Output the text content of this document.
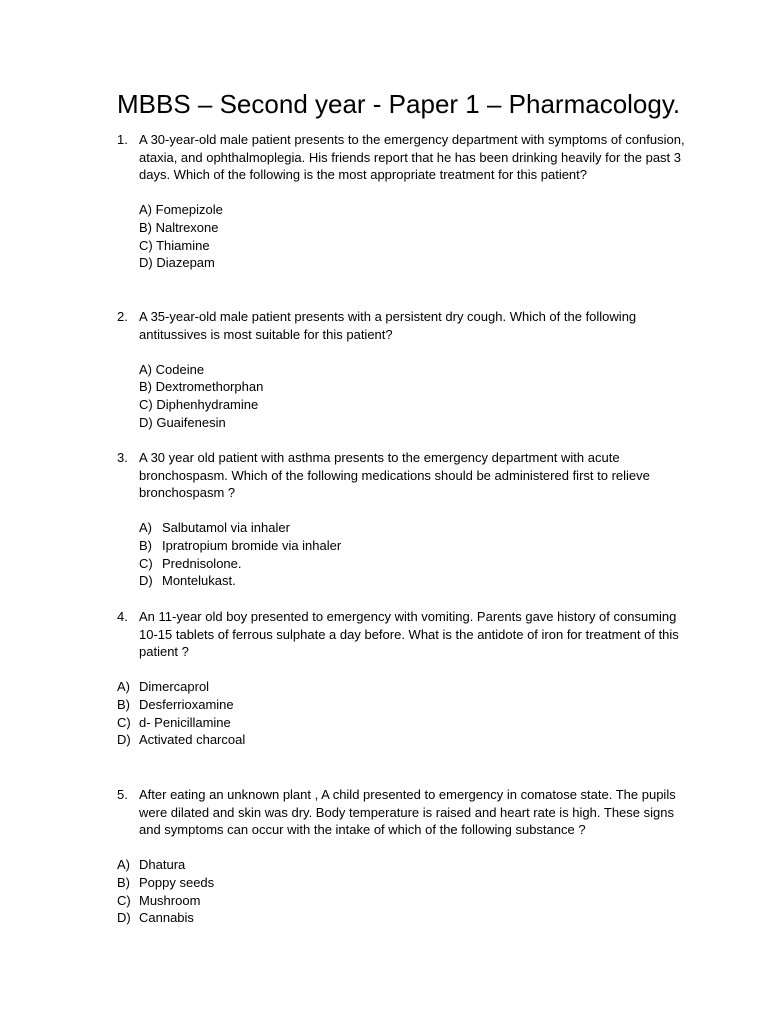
MBBS – Second year - Paper 1 – Pharmacology.
1. A 30-year-old male patient presents to the emergency department with symptoms of confusion, ataxia, and ophthalmoplegia. His friends report that he has been drinking heavily for the past 3 days. Which of the following is the most appropriate treatment for this patient?
A) Fomepizole
B) Naltrexone
C) Thiamine
D) Diazepam
2. A 35-year-old male patient presents with a persistent dry cough. Which of the following antitussives is most suitable for this patient?
A) Codeine
B) Dextromethorphan
C) Diphenhydramine
D) Guaifenesin
3. A 30 year old patient with asthma presents to the emergency department with acute bronchospasm. Which of the following medications should be administered first to relieve bronchospasm ?
A) Salbutamol via inhaler
B) Ipratropium bromide via inhaler
C) Prednisolone.
D) Montelukast.
4. An 11-year old boy presented to emergency with vomiting. Parents gave history of consuming 10-15 tablets of ferrous sulphate a day before. What is the antidote of iron for treatment of this patient ?
A) Dimercaprol
B) Desferrioxamine
C) d- Penicillamine
D) Activated charcoal
5. After eating an unknown plant , A child presented to emergency in comatose state. The pupils were dilated and skin was dry. Body temperature is raised and heart rate is high. These signs and symptoms can occur with the intake of which of the following substance ?
A) Dhatura
B) Poppy seeds
C) Mushroom
D) Cannabis
